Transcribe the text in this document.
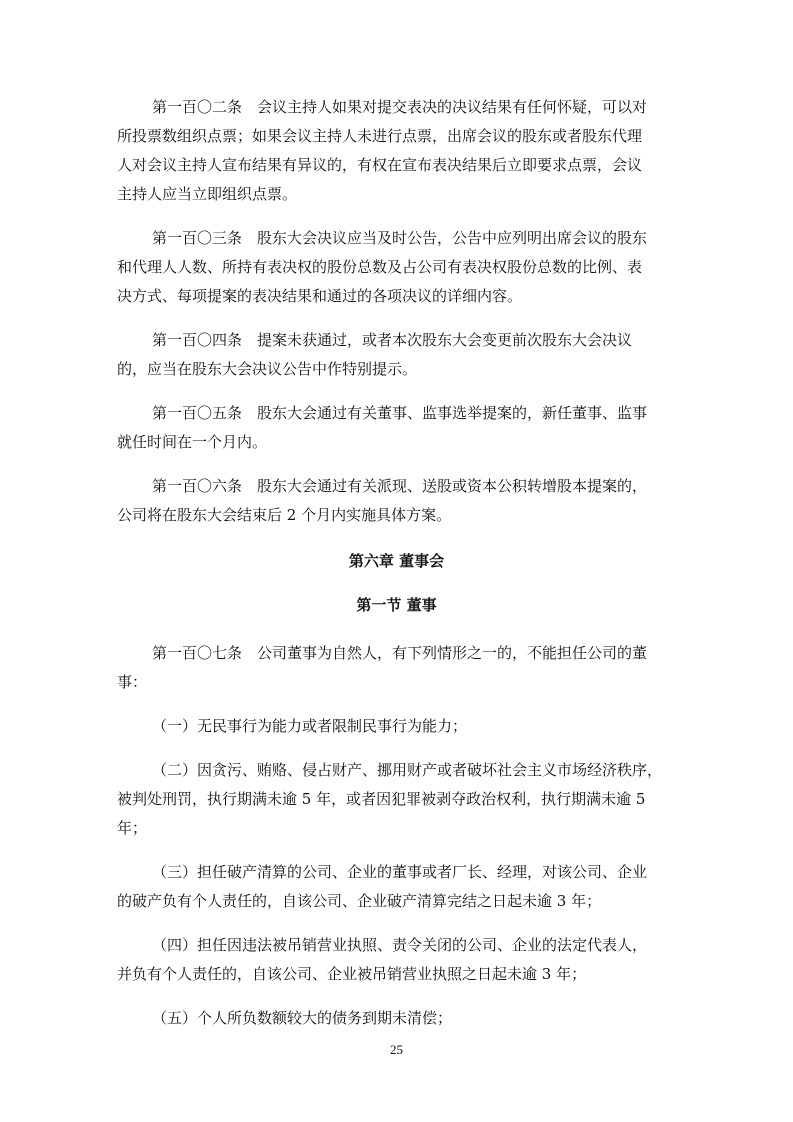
第一百〇二条　会议主持人如果对提交表决的决议结果有任何怀疑，可以对
所投票数组织点票；如果会议主持人未进行点票，出席会议的股东或者股东代理
人对会议主持人宣布结果有异议的，有权在宣布表决结果后立即要求点票，会议
主持人应当立即组织点票。
第一百〇三条　股东大会决议应当及时公告，公告中应列明出席会议的股东
和代理人人数、所持有表决权的股份总数及占公司有表决权股份总数的比例、表
决方式、每项提案的表决结果和通过的各项决议的详细内容。
第一百〇四条　提案未获通过，或者本次股东大会变更前次股东大会决议
的，应当在股东大会决议公告中作特别提示。
第一百〇五条　股东大会通过有关董事、监事选举提案的，新任董事、监事
就任时间在一个月内。
第一百〇六条　股东大会通过有关派现、送股或资本公积转增股本提案的，
公司将在股东大会结束后 2 个月内实施具体方案。
第六章 董事会
第一节 董事
第一百〇七条　公司董事为自然人，有下列情形之一的，不能担任公司的董
事：
（一）无民事行为能力或者限制民事行为能力；
（二）因贪污、贿赂、侵占财产、挪用财产或者破坏社会主义市场经济秩序，
被判处刑罚，执行期满未逾 5 年，或者因犯罪被剥夺政治权利，执行期满未逾 5
年；
（三）担任破产清算的公司、企业的董事或者厂长、经理，对该公司、企业
的破产负有个人责任的，自该公司、企业破产清算完结之日起未逾 3 年；
（四）担任因违法被吊销营业执照、责令关闭的公司、企业的法定代表人，
并负有个人责任的，自该公司、企业被吊销营业执照之日起未逾 3 年；
（五）个人所负数额较大的债务到期未清偿；
25
